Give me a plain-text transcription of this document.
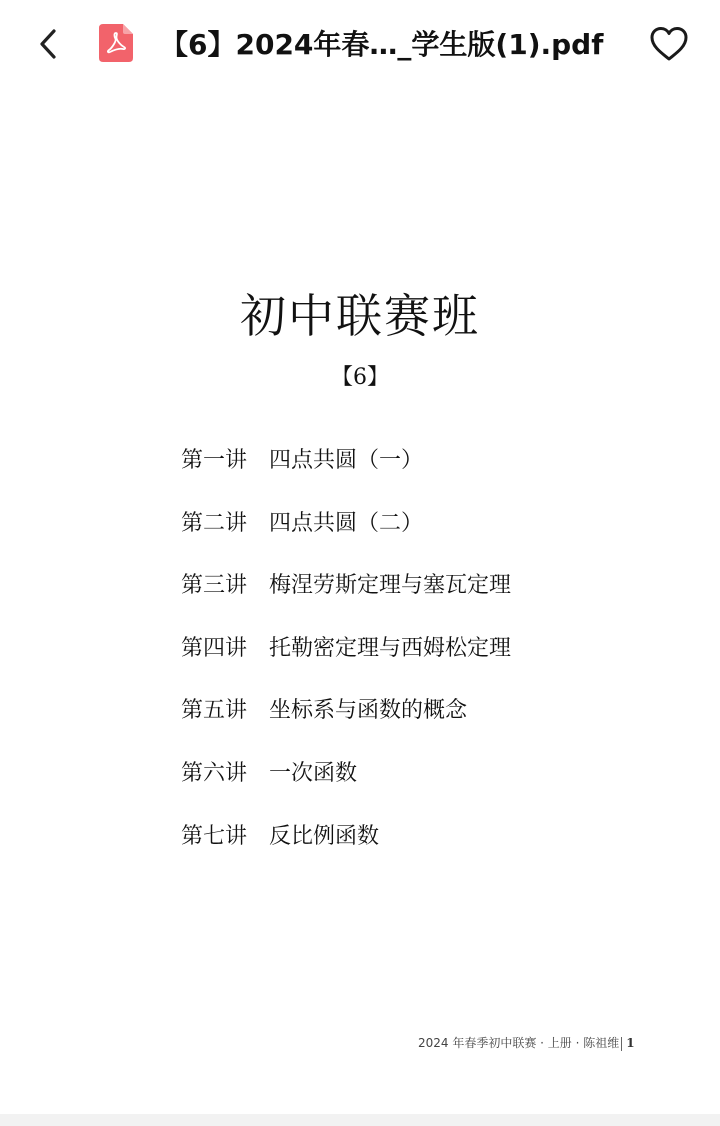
【6】2024年春…_学生版(1).pdf
初中联赛班
【6】
第一讲 四点共圆（一）
第二讲 四点共圆（二）
第三讲 梅涅劳斯定理与塞瓦定理
第四讲 托勒密定理与西姆松定理
第五讲 坐标系与函数的概念
第六讲 一次函数
第七讲 反比例函数
2024 年春季初中联赛 · 上册 · 陈祖维 1
